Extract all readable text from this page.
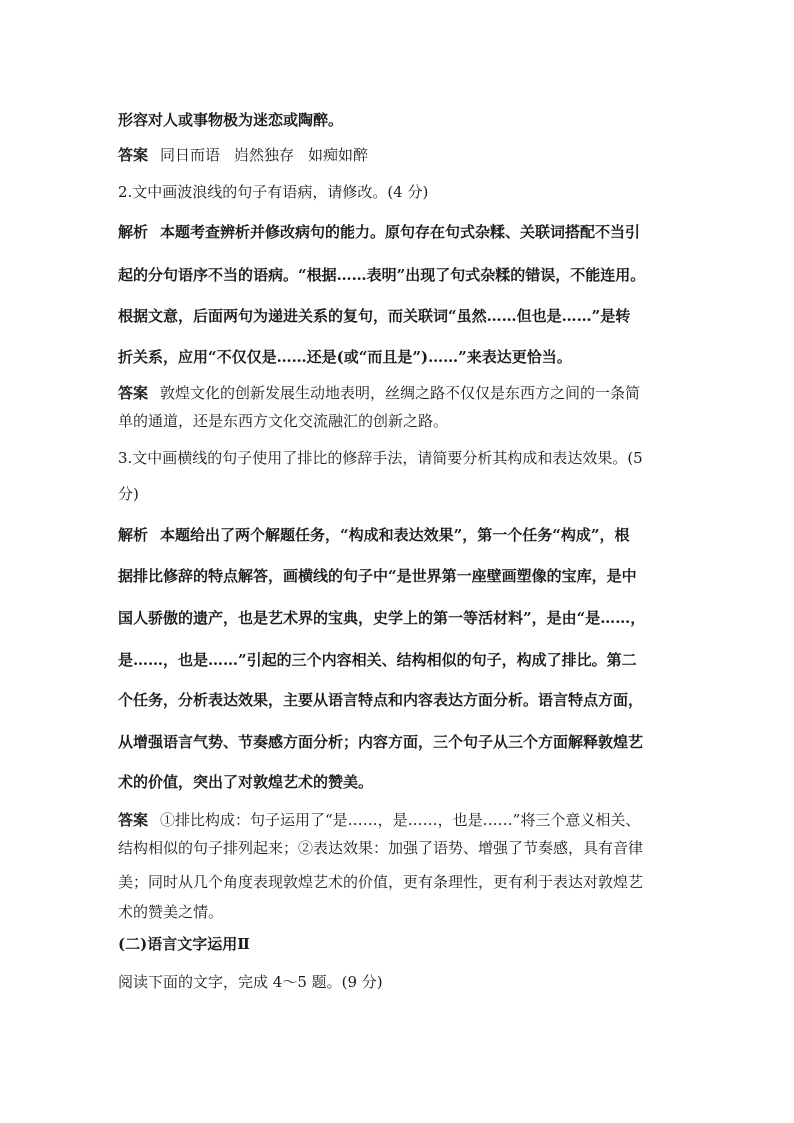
形容对人或事物极为迷恋或陶醉。
答案 同日而语 岿然独存 如痴如醉
2.文中画波浪线的句子有语病，请修改。(4 分)
解析 本题考查辨析并修改病句的能力。原句存在句式杂糅、关联词搭配不当引
起的分句语序不当的语病。“根据……表明”出现了句式杂糅的错误，不能连用。
根据文意，后面两句为递进关系的复句，而关联词“虽然……但也是……”是转
折关系，应用“不仅仅是……还是(或“而且是”)……”来表达更恰当。
答案 敦煌文化的创新发展生动地表明，丝绸之路不仅仅是东西方之间的一条简
单的通道，还是东西方文化交流融汇的创新之路。
3.文中画横线的句子使用了排比的修辞手法，请简要分析其构成和表达效果。(5
分)
解析 本题给出了两个解题任务，“构成和表达效果”，第一个任务“构成”，根
据排比修辞的特点解答，画横线的句子中“是世界第一座壁画塑像的宝库，是中
国人骄傲的遗产，也是艺术界的宝典，史学上的第一等活材料”，是由“是……，
是……，也是……”引起的三个内容相关、结构相似的句子，构成了排比。第二
个任务，分析表达效果，主要从语言特点和内容表达方面分析。语言特点方面，
从增强语言气势、节奏感方面分析；内容方面，三个句子从三个方面解释敦煌艺
术的价值，突出了对敦煌艺术的赞美。
答案 ①排比构成：句子运用了“是……，是……，也是……”将三个意义相关、
结构相似的句子排列起来；②表达效果：加强了语势、增强了节奏感，具有音律
美；同时从几个角度表现敦煌艺术的价值，更有条理性，更有利于表达对敦煌艺
术的赞美之情。
(二)语言文字运用Ⅱ
阅读下面的文字，完成 4～5 题。(9 分)
